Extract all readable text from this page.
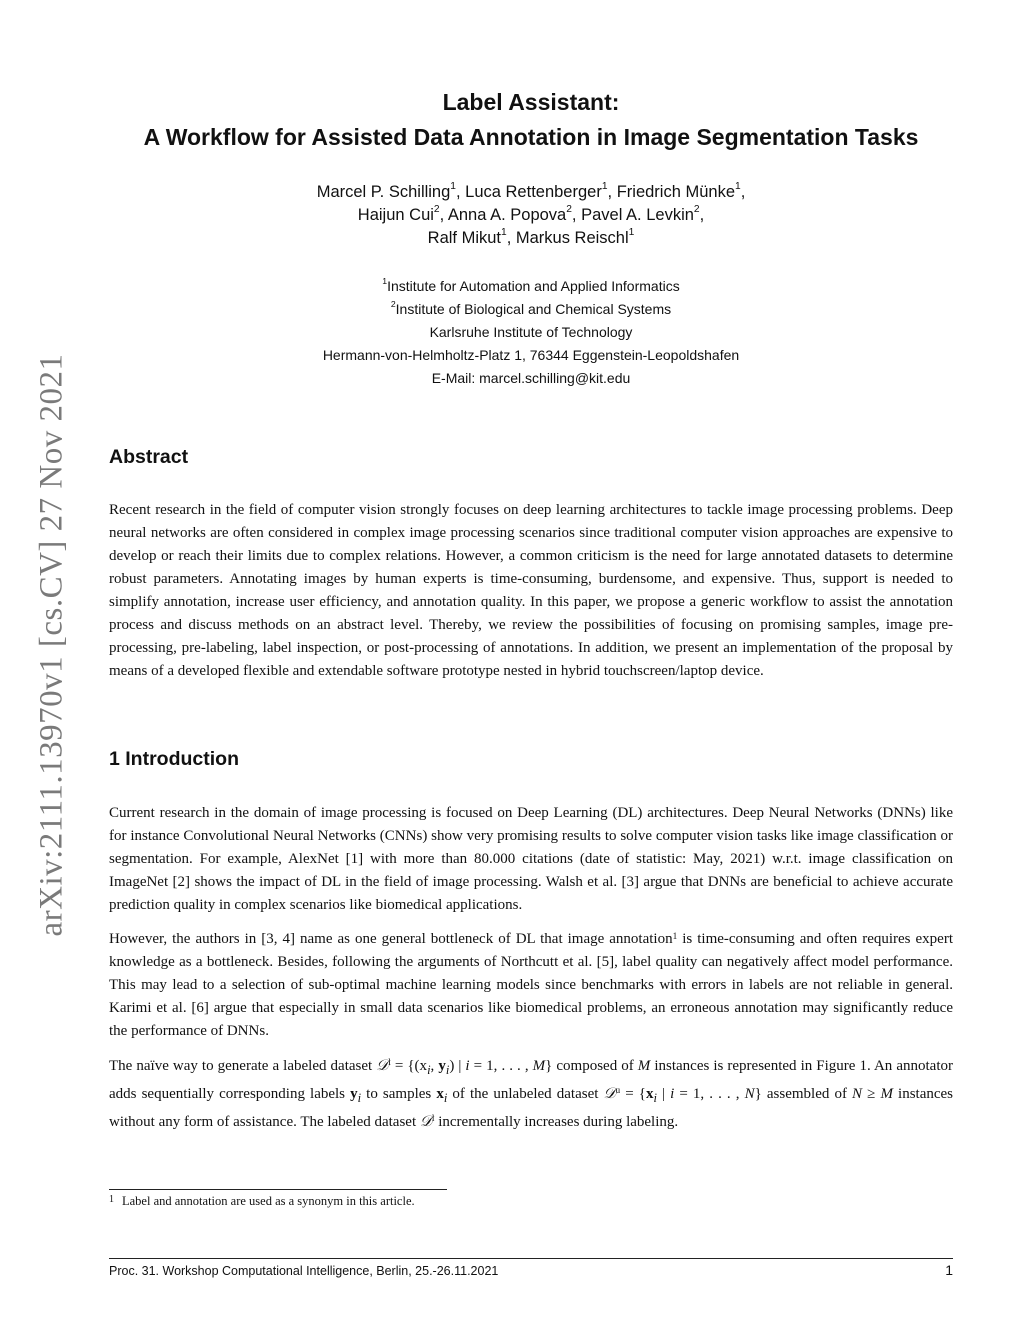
arXiv:2111.13970v1 [cs.CV] 27 Nov 2021
Label Assistant:
A Workflow for Assisted Data Annotation in Image Segmentation Tasks
Marcel P. Schilling$^1$, Luca Rettenberger$^1$, Friedrich Münke$^1$,
Haijun Cui$^2$, Anna A. Popova$^2$, Pavel A. Levkin$^2$,
Ralf Mikut$^1$, Markus Reischl$^1$
$^1$Institute for Automation and Applied Informatics
$^2$Institute of Biological and Chemical Systems
Karlsruhe Institute of Technology
Hermann-von-Helmholtz-Platz 1, 76344 Eggenstein-Leopoldshafen
E-Mail: marcel.schilling@kit.edu
Abstract

Recent research in the field of computer vision strongly focuses on deep learning architectures to tackle image processing problems. Deep neural networks are often considered in complex image processing scenarios since traditional computer vision approaches are expensive to develop or reach their limits due to complex relations. However, a common criticism is the need for large annotated datasets to determine robust parameters. Annotating images by human experts is time-consuming, burdensome, and expensive. Thus, support is needed to simplify annotation, increase user efficiency, and annotation quality. In this paper, we propose a generic workflow to assist the annotation process and discuss methods on an abstract level. Thereby, we review the possibilities of focusing on promising samples, image pre-processing, pre-labeling, label inspection, or post-processing of annotations. In addition, we present an implementation of the proposal by means of a developed flexible and extendable software prototype nested in hybrid touchscreen/laptop device.

1 Introduction

Current research in the domain of image processing is focused on Deep Learning (DL) architectures. Deep Neural Networks (DNNs) like for instance Convolutional Neural Networks (CNNs) show very promising results to solve computer vision tasks like image classification or segmentation. For example, AlexNet [1] with more than 80.000 citations (date of statistic: May, 2021) w.r.t. image classification on ImageNet [2] shows the impact of DL in the field of image processing. Walsh et al. [3] argue that DNNs are beneficial to achieve accurate prediction quality in complex scenarios like biomedical applications.

However, the authors in [3, 4] name as one general bottleneck of DL that image annotation$^1$ is time-consuming and often requires expert knowledge as a bottleneck. Besides, following the arguments of Northcutt et al. [5], label quality can negatively affect model performance. This may lead to a selection of sub-optimal machine learning models since benchmarks with errors in labels are not reliable in general. Karimi et al. [6] argue that especially in small data scenarios like biomedical problems, an erroneous annotation may significantly reduce the performance of DNNs.

The naïve way to generate a labeled dataset 𝒟$^l$ = {($x_i$, $y_i$) | i = 1, . . . , M} composed of M instances is represented in Figure 1. An annotator adds sequentially corresponding labels $y_i$ to samples $x_i$ of the unlabeled dataset 𝒟$^u$ = {$x_i$ | i = 1, . . . , N} assembled of N ≥ M instances without any form of assistance. The labeled dataset 𝒟$^l$ incrementally increases during labeling.

$^1$ Label and annotation are used as a synonym in this article.
Proc. 31. Workshop Computational Intelligence, Berlin, 25.-26.11.2021	1
